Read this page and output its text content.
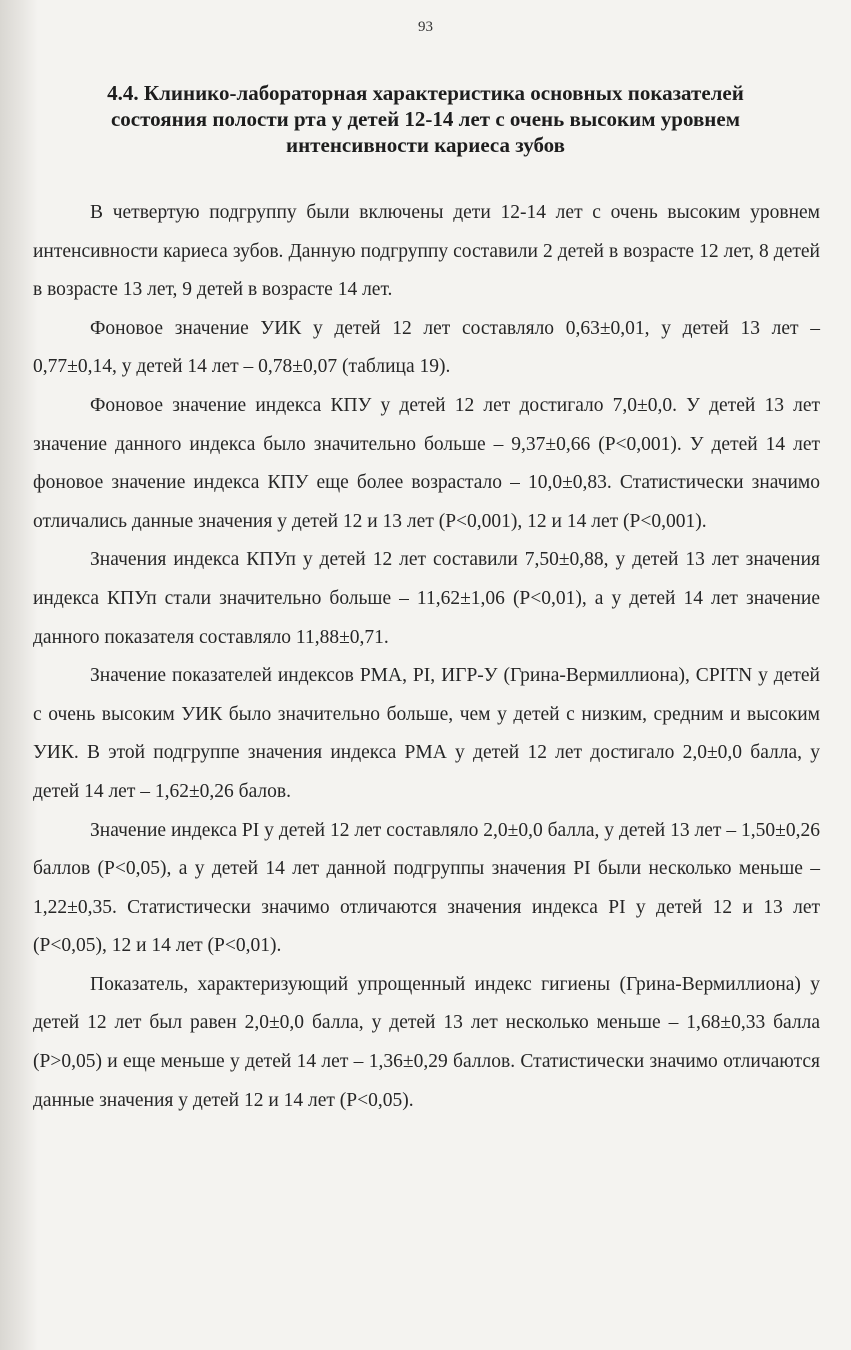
93
4.4. Клинико-лабораторная характеристика основных показателей
состояния полости рта у детей 12-14 лет с очень высоким уровнем
интенсивности кариеса зубов

В четвертую подгруппу были включены дети 12-14 лет с очень высоким уровнем интенсивности кариеса зубов. Данную подгруппу составили 2 детей в возрасте 12 лет, 8 детей в возрасте 13 лет, 9 детей в возрасте 14 лет.

Фоновое значение УИК у детей 12 лет составляло 0,63±0,01, у детей 13 лет – 0,77±0,14, у детей 14 лет – 0,78±0,07 (таблица 19).

Фоновое значение индекса КПУ у детей 12 лет достигало 7,0±0,0. У детей 13 лет значение данного индекса было значительно больше – 9,37±0,66 (Р<0,001). У детей 14 лет фоновое значение индекса КПУ еще более возрастало – 10,0±0,83. Статистически значимо отличались данные значения у детей 12 и 13 лет (Р<0,001), 12 и 14 лет (Р<0,001).

Значения индекса КПУп у детей 12 лет составили 7,50±0,88, у детей 13 лет значения индекса КПУп стали значительно больше – 11,62±1,06 (Р<0,01), а у детей 14 лет значение данного показателя составляло 11,88±0,71.

Значение показателей индексов РМА, PI, ИГР-У (Грина-Вермиллиона), CPITN у детей с очень высоким УИК было значительно больше, чем у детей с низким, средним и высоким УИК. В этой подгруппе значения индекса РМА у детей 12 лет достигало 2,0±0,0 балла, у детей 14 лет – 1,62±0,26 балов.

Значение индекса PI у детей 12 лет составляло 2,0±0,0 балла, у детей 13 лет – 1,50±0,26 баллов (Р<0,05), а у детей 14 лет данной подгруппы значения PI были несколько меньше – 1,22±0,35. Статистически значимо отличаются значения индекса PI у детей 12 и 13 лет (Р<0,05), 12 и 14 лет (Р<0,01).

Показатель, характеризующий упрощенный индекс гигиены (Грина-Вермиллиона) у детей 12 лет был равен 2,0±0,0 балла, у детей 13 лет несколько меньше – 1,68±0,33 балла (Р>0,05) и еще меньше у детей 14 лет – 1,36±0,29 баллов. Статистически значимо отличаются данные значения у детей 12 и 14 лет (Р<0,05).
